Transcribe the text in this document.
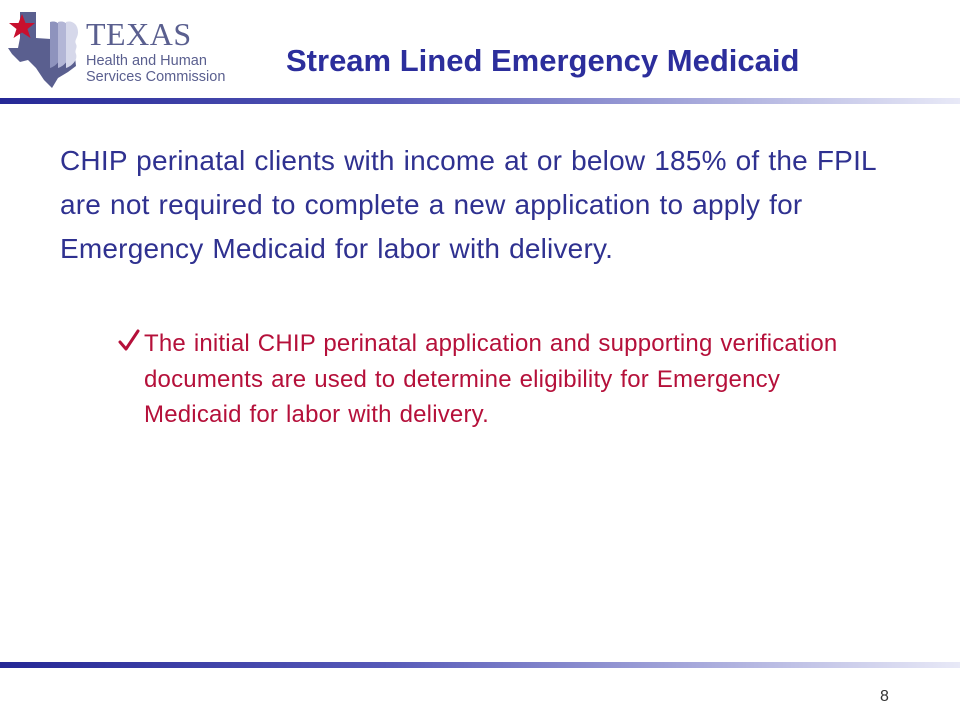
TEXAS
Health and Human
Services Commission Stream Lined Emergency Medicaid
CHIP perinatal clients with income at or below 185% of the FPIL are not required to complete a new application to apply for Emergency Medicaid for labor with delivery.
The initial CHIP perinatal application and supporting verification documents are used to determine eligibility for Emergency Medicaid for labor with delivery.
8
